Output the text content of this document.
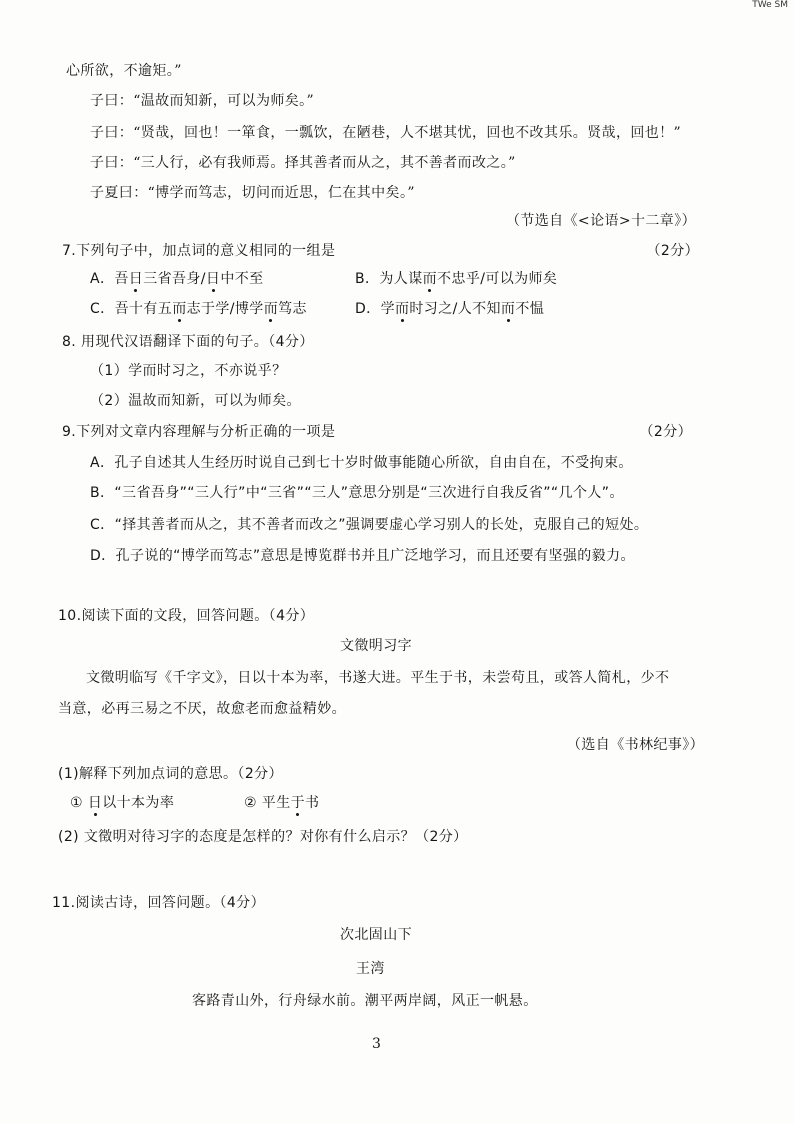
TWe SM
心所欲，不逾矩。”
子曰：“温故而知新，可以为师矣。”
子曰：“贤哉，回也！一箪食，一瓢饮，在陋巷，人不堪其忧，回也不改其乐。贤哉，回也！”
子曰：“三人行，必有我师焉。择其善者而从之，其不善者而改之。”
子夏曰：“博学而笃志，切问而近思，仁在其中矣。”
（节选自《<论语>十二章》）
7.下列句子中，加点词的意义相同的一组是	（2分）
A．吾日三省吾身/日中不至	B．为人谋而不忠乎/可以为师矣
C．吾十有五而志于学/博学而笃志	D．学而时习之/人不知而不愠
8. 用现代汉语翻译下面的句子。（4分）
（1）学而时习之，不亦说乎？
（2）温故而知新，可以为师矣。
9.下列对文章内容理解与分析正确的一项是	（2分）
A．孔子自述其人生经历时说自己到七十岁时做事能随心所欲，自由自在，不受拘束。
B．“三省吾身”“三人行”中“三省”“三人”意思分别是“三次进行自我反省”“几个人”。
C．“择其善者而从之，其不善者而改之”强调要虚心学习别人的长处，克服自己的短处。
D．孔子说的“博学而笃志”意思是博览群书并且广泛地学习，而且还要有坚强的毅力。
10.阅读下面的文段，回答问题。（4分）
文徵明习字
文徵明临写《千字文》，日以十本为率，书遂大进。平生于书，未尝苟且，或答人简札，少不
当意，必再三易之不厌，故愈老而愈益精妙。
（选自《书林纪事》）
(1)解释下列加点词的意思。（2分）
① 日以十本为率	② 平生于书
(2) 文徵明对待习字的态度是怎样的？对你有什么启示？（2分）
11.阅读古诗，回答问题。（4分）
次北固山下
王湾
客路青山外，行舟绿水前。潮平两岸阔，风正一帆悬。
3
